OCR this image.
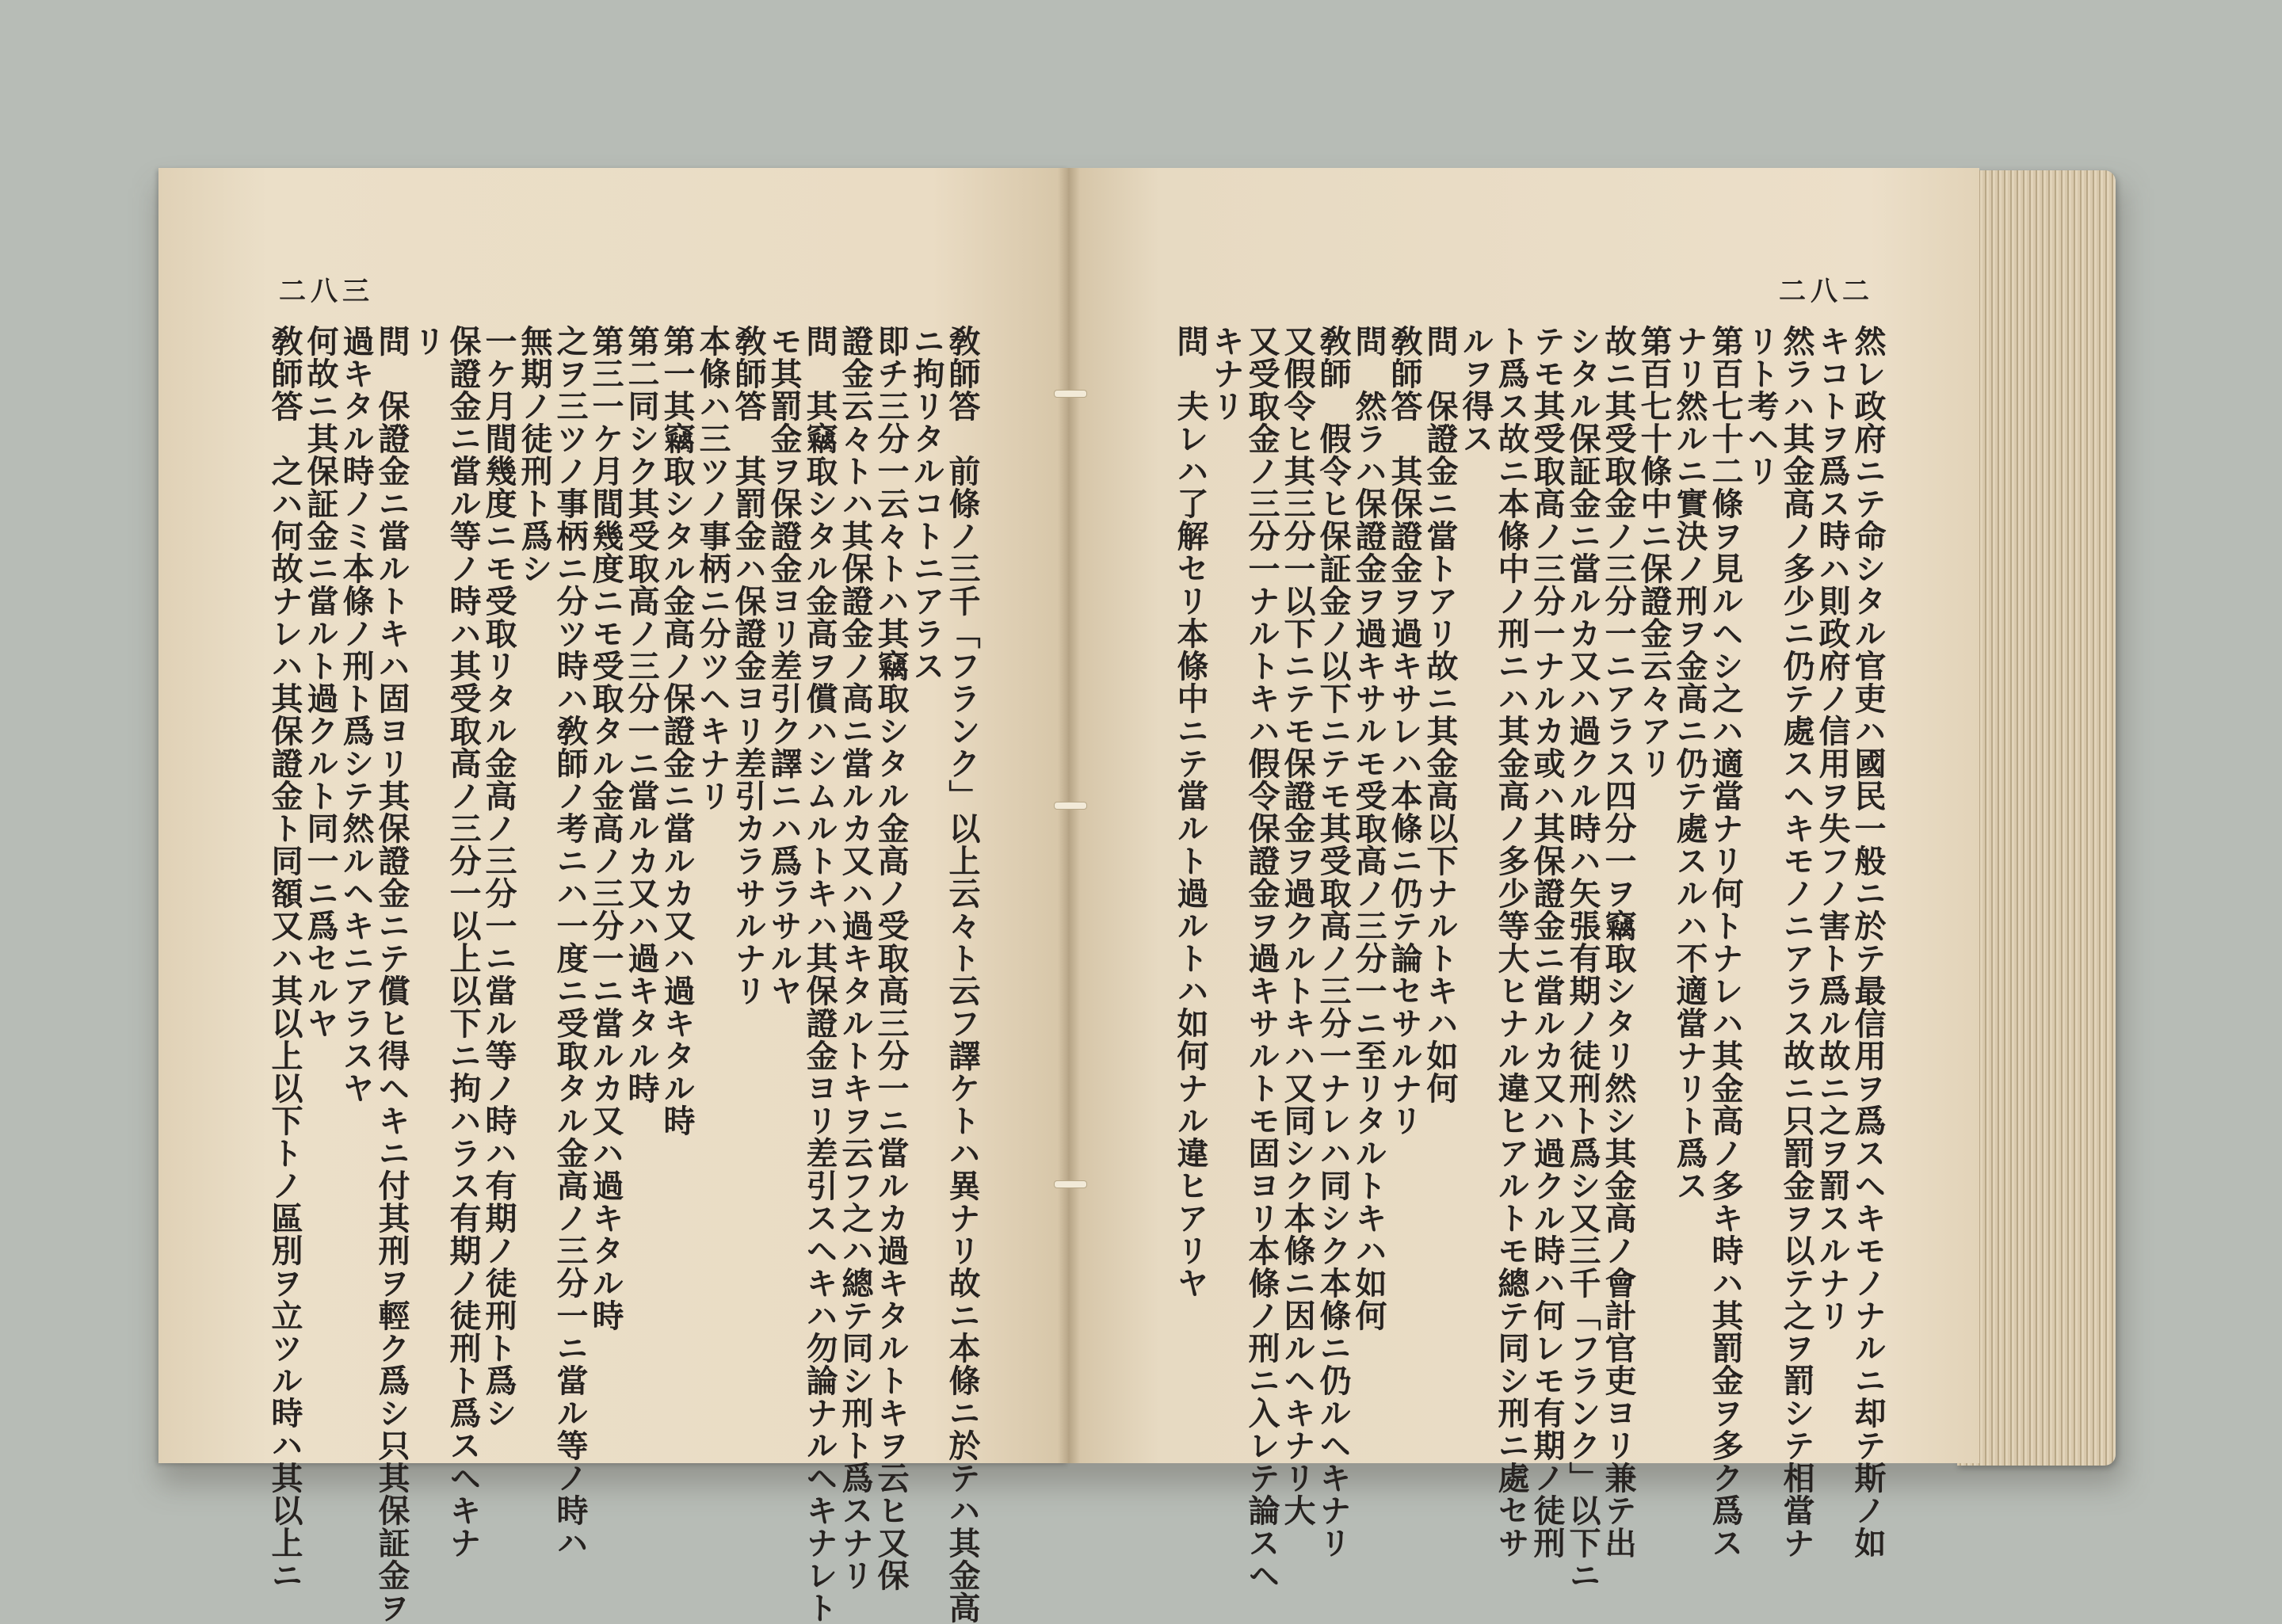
二八三	二八二
敎師答　前條ノ三千「フランク」以上云々ト云フ譯ケトハ異ナリ故ニ本條ニ於テハ其金高
ニ拘リタルコトニアラス
即チ三分一云々トハ其竊取シタル金高ノ受取高三分一ニ當ルカ過キタルトキヲ云ヒ又保
證金云々トハ其保證金ノ高ニ當ルカ又ハ過キタルトキヲ云フ之ハ總テ同シ刑ト爲スナリ
問　其竊取シタル金高ヲ償ハシムルトキハ其保證金ヨリ差引スヘキハ勿論ナルヘキナレト
モ其罰金ヲ保證金ヨリ差引ク譯ニハ爲ラサルヤ
敎師答　其罰金ハ保證金ヨリ差引カラサルナリ
本條ハ三ツノ事柄ニ分ツヘキナリ
第一其竊取シタル金高ノ保證金ニ當ルカ又ハ過キタル時
第二同シク其受取高ノ三分一ニ當ルカ又ハ過キタル時
第三一ケ月間幾度ニモ受取タル金高ノ三分一ニ當ルカ又ハ過キタル時
之ヲ三ツノ事柄ニ分ツ時ハ敎師ノ考ニハ一度ニ受取タル金高ノ三分一ニ當ル等ノ時ハ
無期ノ徒刑ト爲シ
一ケ月間幾度ニモ受取リタル金高ノ三分一ニ當ル等ノ時ハ有期ノ徒刑ト爲シ
保證金ニ當ル等ノ時ハ其受取高ノ三分一以上以下ニ拘ハラス有期ノ徒刑ト爲スヘキナ
リ
問　保證金ニ當ルトキハ固ヨリ其保證金ニテ償ヒ得ヘキニ付其刑ヲ輕ク爲シ只其保証金ヲ
過キタル時ノミ本條ノ刑ト爲シテ然ルヘキニアラスヤ
何故ニ其保証金ニ當ルト過クルト同一ニ爲セルヤ
敎師答　之ハ何故ナレハ其保證金ト同額又ハ其以上以下トノ區別ヲ立ツル時ハ其以上ニ	然レ政府ニテ命シタル官吏ハ國民一般ニ於テ最信用ヲ爲スヘキモノナルニ却テ斯ノ如
キコトヲ爲ス時ハ則政府ノ信用ヲ失フノ害ト爲ル故ニ之ヲ罰スルナリ
然ラハ其金高ノ多少ニ仍テ處スヘキモノニアラス故ニ只罰金ヲ以テ之ヲ罰シテ相當ナ
リト考ヘリ
第百七十二條ヲ見ルヘシ之ハ適當ナリ何トナレハ其金高ノ多キ時ハ其罰金ヲ多ク爲ス
ナリ然ルニ實決ノ刑ヲ金高ニ仍テ處スルハ不適當ナリト爲ス
第百七十條中ニ保證金云々アリ
故ニ其受取金ノ三分一ニアラス四分一ヲ竊取シタリ然シ其金高ノ會計官吏ヨリ兼テ出
シタル保証金ニ當ルカ又ハ過クル時ハ矢張有期ノ徒刑ト爲シ又三千「フランク」以下ニ
テモ其受取高ノ三分一ナルカ或ハ其保證金ニ當ルカ又ハ過クル時ハ何レモ有期ノ徒刑
ト爲ス故ニ本條中ノ刑ニハ其金高ノ多少等大ヒナル違ヒアルトモ總テ同シ刑ニ處セサ
ルヲ得ス
問　保證金ニ當トアリ故ニ其金高以下ナルトキハ如何
敎師答　其保證金ヲ過キサレハ本條ニ仍テ論セサルナリ
問　然ラハ保證金ヲ過キサルモ受取高ノ三分一ニ至リタルトキハ如何
敎師　假令ヒ保証金ノ以下ニテモ其受取高ノ三分一ナレハ同シク本條ニ仍ルヘキナリ
又假令ヒ其三分一以下ニテモ保證金ヲ過クルトキハ又同シク本條ニ因ルヘキナリ大
又受取金ノ三分一ナルトキハ假令保證金ヲ過キサルトモ固ヨリ本條ノ刑ニ入レテ論スヘ
キナリ
問　夫レハ了解セリ本條中ニテ當ルト過ルトハ如何ナル違ヒアリヤ
